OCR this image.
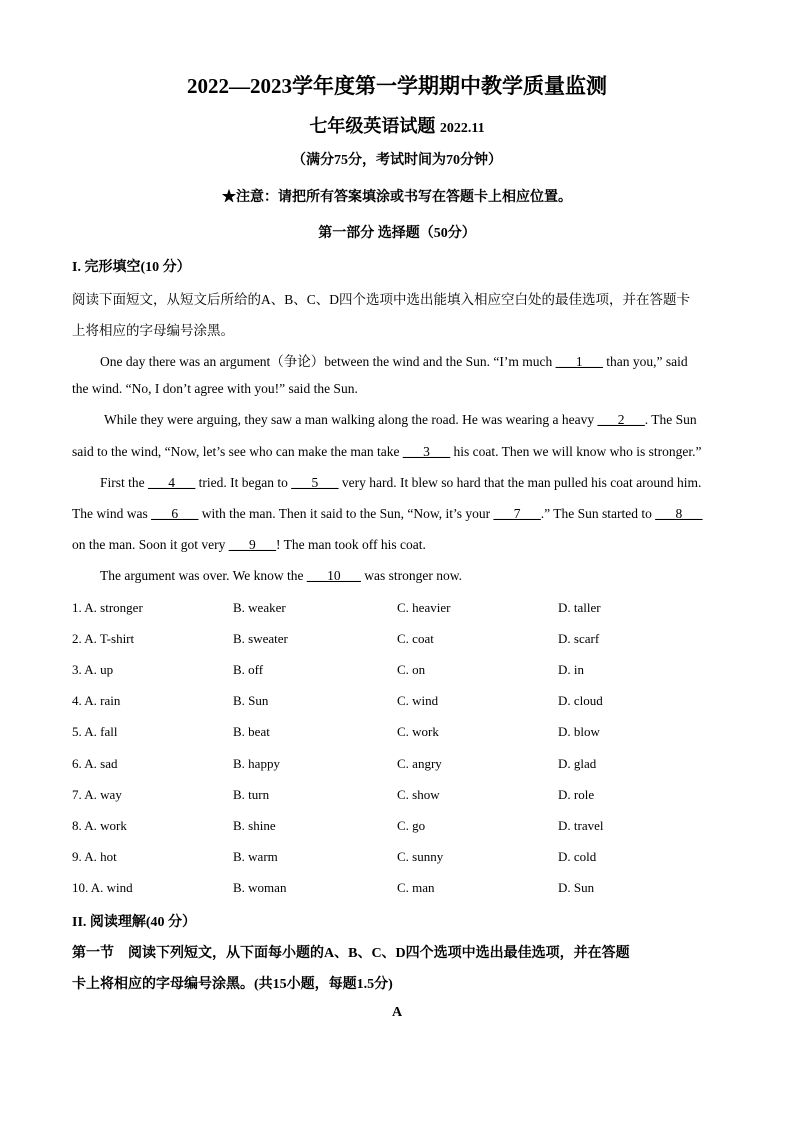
2022—2023学年度第一学期期中教学质量监测
七年级英语试题 2022.11
（满分75分，考试时间为70分钟）
★注意：请把所有答案填涂或书写在答题卡上相应位置。
第一部分 选择题（50分）
I. 完形填空(10 分）
阅读下面短文，从短文后所给的A、B、C、D四个选项中选出能填入相应空白处的最佳选项，并在答题卡
上将相应的字母编号涂黑。
One day there was an argument（争论）between the wind and the Sun. “I’m much ___1___ than you,” said
the wind. “No, I don’t agree with you!” said the Sun.
While they were arguing, they saw a man walking along the road. He was wearing a heavy ___2___. The Sun
said to the wind, “Now, let’s see who can make the man take ___3___ his coat. Then we will know who is stronger.”
First the ___4___ tried. It began to ___5___ very hard. It blew so hard that the man pulled his coat around him.
The wind was ___6___ with the man. Then it said to the Sun, “Now, it’s your ___7___.” The Sun started to ___8___
on the man. Soon it got very ___9___! The man took off his coat.
The argument was over. We know the ___10___ was stronger now.
1. A. stronger	B. weaker	C. heavier	D. taller
2. A. T-shirt	B. sweater	C. coat	D. scarf
3. A. up	B. off	C. on	D. in
4. A. rain	B. Sun	C. wind	D. cloud
5. A. fall	B. beat	C. work	D. blow
6. A. sad	B. happy	C. angry	D. glad
7. A. way	B. turn	C. show	D. role
8. A. work	B. shine	C. go	D. travel
9. A. hot	B. warm	C. sunny	D. cold
10. A. wind	B. woman	C. man	D. Sun
II. 阅读理解(40 分）
第一节　阅读下列短文，从下面每小题的A、B、C、D四个选项中选出最佳选项，并在答题
卡上将相应的字母编号涂黑。(共15小题，每题1.5分)
A
